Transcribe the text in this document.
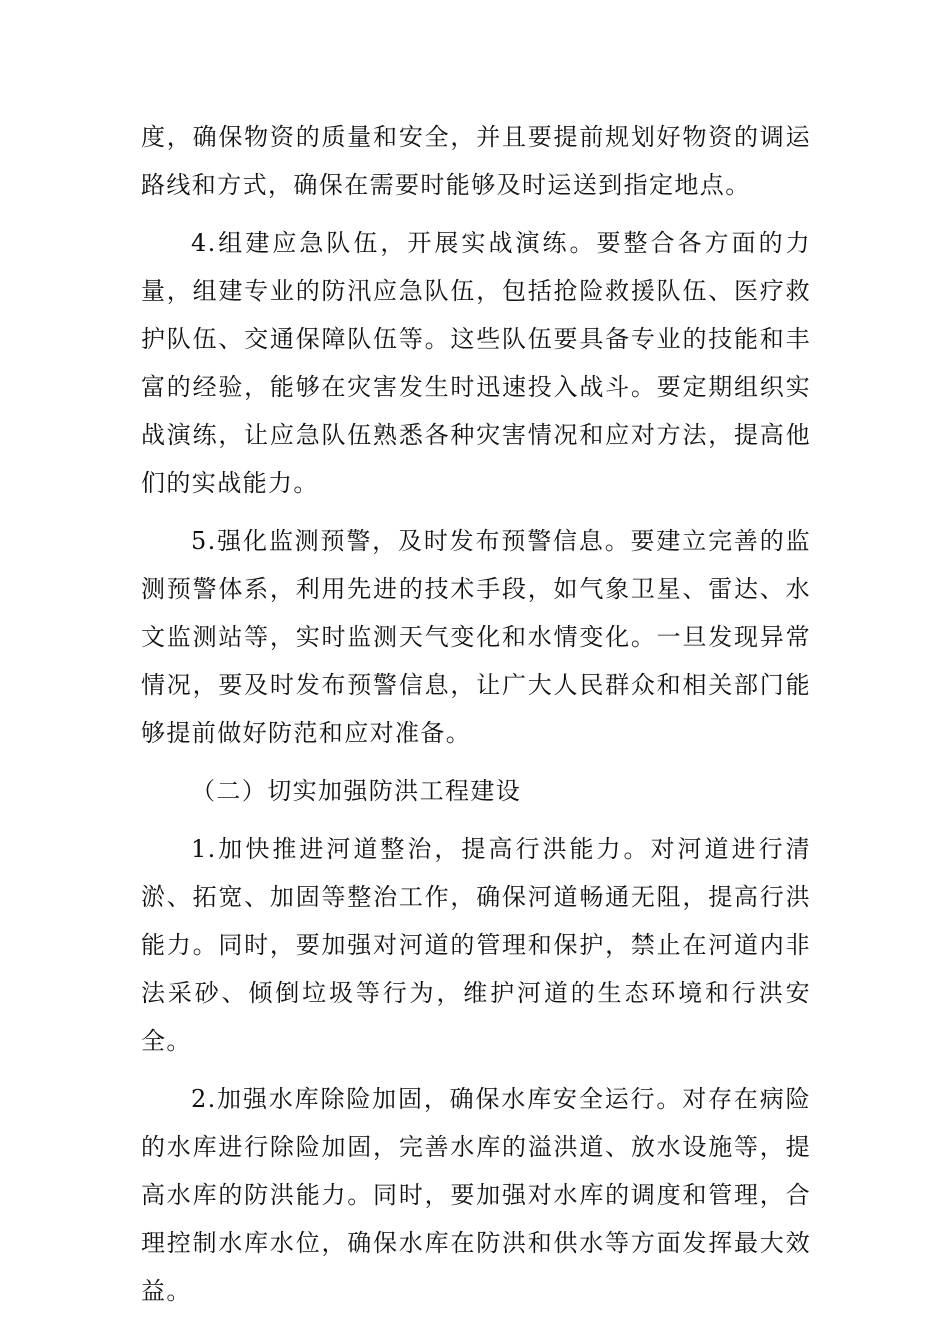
度，确保物资的质量和安全，并且要提前规划好物资的调运路线和方式，确保在需要时能够及时运送到指定地点。

4.组建应急队伍，开展实战演练。要整合各方面的力量，组建专业的防汛应急队伍，包括抢险救援队伍、医疗救护队伍、交通保障队伍等。这些队伍要具备专业的技能和丰富的经验，能够在灾害发生时迅速投入战斗。要定期组织实战演练，让应急队伍熟悉各种灾害情况和应对方法，提高他们的实战能力。

5.强化监测预警，及时发布预警信息。要建立完善的监测预警体系，利用先进的技术手段，如气象卫星、雷达、水文监测站等，实时监测天气变化和水情变化。一旦发现异常情况，要及时发布预警信息，让广大人民群众和相关部门能够提前做好防范和应对准备。

（二）切实加强防洪工程建设

1.加快推进河道整治，提高行洪能力。对河道进行清淤、拓宽、加固等整治工作，确保河道畅通无阻，提高行洪能力。同时，要加强对河道的管理和保护，禁止在河道内非法采砂、倾倒垃圾等行为，维护河道的生态环境和行洪安全。

2.加强水库除险加固，确保水库安全运行。对存在病险的水库进行除险加固，完善水库的溢洪道、放水设施等，提高水库的防洪能力。同时，要加强对水库的调度和管理，合理控制水库水位，确保水库在防洪和供水等方面发挥最大效益。
